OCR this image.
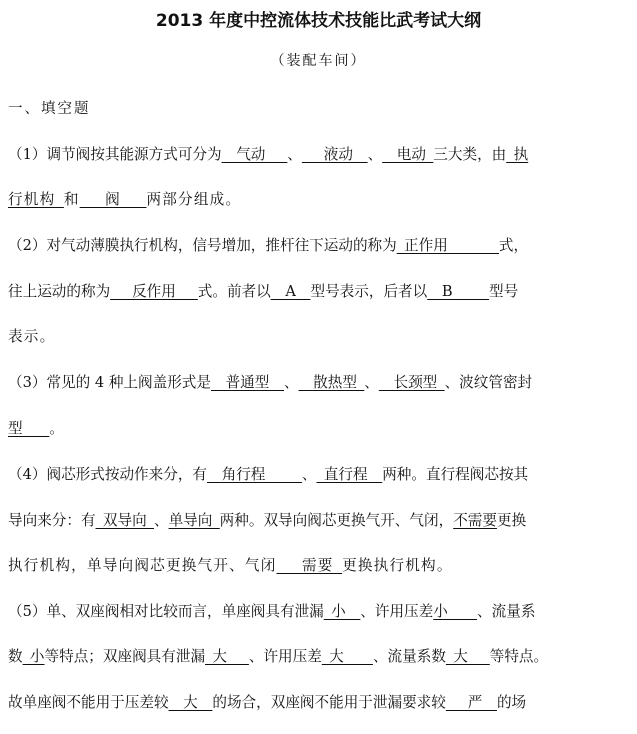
2013 年度中控流体技术技能比武考试大纲
（装配车间）
一、填空题
（1）调节阀按其能源方式可分为__气动___、___液动__、__电动_三大类，由_执
行机构_和___阀___两部分组成。
（2）对气动薄膜执行机构，信号增加，推杆往下运动的称为_正作用_______式，
往上运动的称为___反作用___式。前者以__A__型号表示，后者以__B_____型号
表示。
（3）常见的 4 种上阀盖形式是__普通型__、__散热型_、__长颈型_、波纹管密封
型___。
（4）阀芯形式按动作来分，有__角行程_____、_直行程__两种。直行程阀芯按其
导向来分：有_双导向_、单导向_两种。双导向阀芯更换气开、气闭，不需要更换
执行机构，单导向阀芯更换气开、气闭___需要_更换执行机构。
（5）单、双座阀相对比较而言，单座阀具有泄漏_小__、许用压差小____、流量系
数_小等特点；双座阀具有泄漏_大___、许用压差_大____、流量系数_大___等特点。
故单座阀不能用于压差较__大__的场合，双座阀不能用于泄漏要求较___严__的场
